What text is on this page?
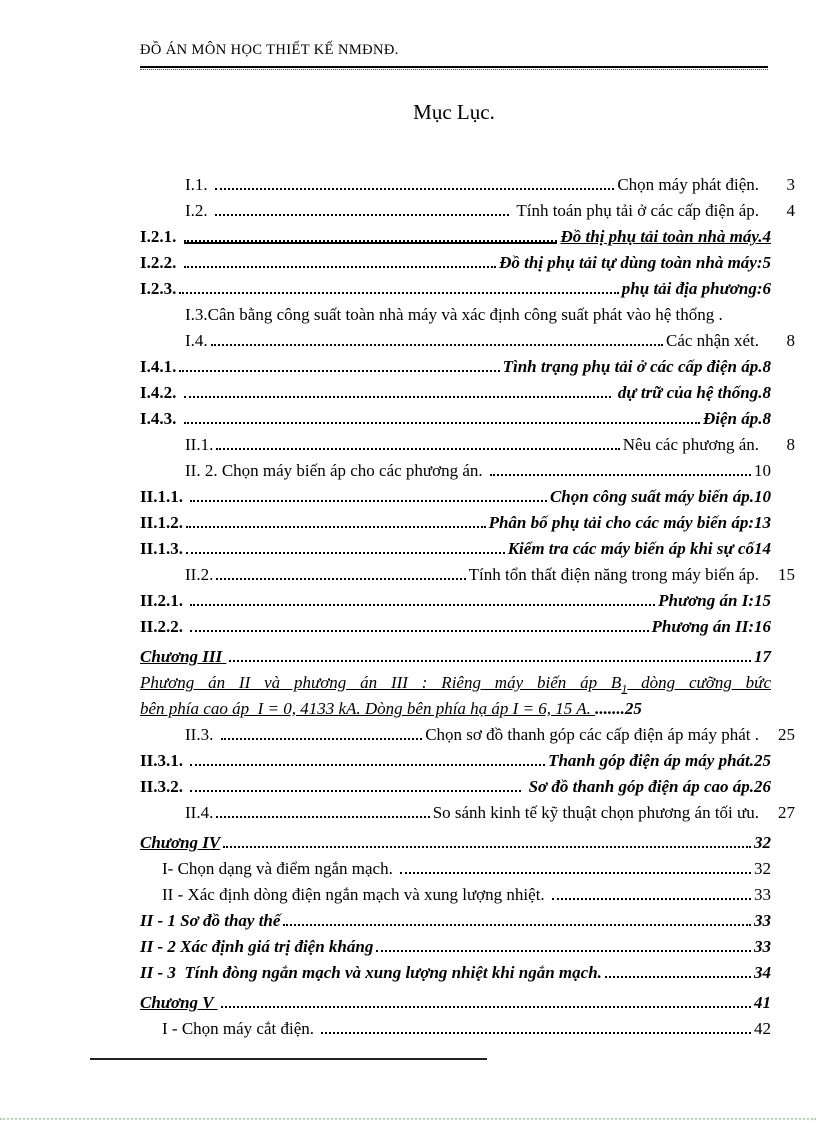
ĐỒ ÁN MÔN HỌC THIẾT KẾ NMĐNĐ.
Mục Lục.
I.1.	Chọn máy phát điện.	3
I.2.	Tính toán phụ tải ở các cấp điện áp.	4
I.2.1.	Đồ thị phụ tải toàn nhà máy. 4
I.2.2.	Đồ thị phụ tải tự dùng toàn nhà máy: 5
I.2.3.	phụ tải địa phương: 6
I.3.Cân bằng công suất toàn nhà máy và xác định công suất phát vào hệ thống .
I.4.	Các nhận xét.	8
I.4.1.	Tình trạng phụ tải ở các cấp điện áp. 8
I.4.2.	dự trữ của hệ thống. 8
I.4.3.	Điện áp. 8
II.1.	Nêu các phương án.	8
II. 2. Chọn máy biến áp cho các phương án.	10
II.1.1.	Chọn công suất máy biến áp. 10
II.1.2.	Phân bố phụ tải cho các máy biến áp: 13
II.1.3.	Kiểm tra các máy biến áp khi sự cố 14
II.2.	Tính tổn thất điện năng trong máy biến áp.	15
II.2.1.	Phương án I: 15
II.2.2.	Phương án II: 16
Chương III	17
Phương án II và phương án III : Riêng máy biến áp $B_1$ dòng cưỡng bức
bên phía cao áp  I = 0, 4133 kA. Dòng bên phía hạ áp I = 6, 15 A. .......25
II.3.	Chọn sơ đồ thanh góp các cấp điện áp máy phát .	25
II.3.1.	Thanh góp điện áp máy phát. 25
II.3.2.	Sơ đồ thanh góp điện áp cao áp. 26
II.4.	So sánh kinh tế kỹ thuật chọn phương án tối ưu.	27
Chương IV	32
I- Chọn dạng và điểm ngắn mạch.	32
II - Xác định dòng điện ngắn mạch và xung lượng nhiệt.	33
II - 1 Sơ đồ thay thế	33
II - 2 Xác định giá trị điện kháng	33
II - 3  Tính đòng ngắn mạch và xung lượng nhiệt khi ngắn mạch.	34
Chương V	41
I - Chọn máy cắt điện.	42
